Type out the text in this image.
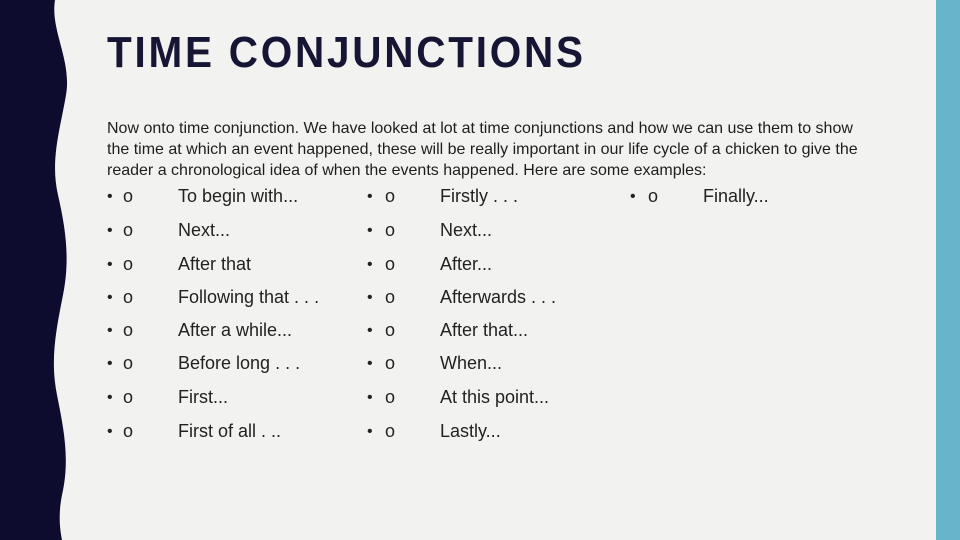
TIME CONJUNCTIONS
Now onto time conjunction. We have looked at lot at time conjunctions and how we can use them to show the time at which an event happened, these will be really important in our life cycle of a chicken to give the reader a chronological idea of when the events happened. Here are some examples:
• o To begin with...
• o Next...
• o After that
• o Following that . . .
• o After a while...
• o Before long . . .
• o First...
• o First of all . ..
• o Firstly . . .
• o Next...
• o After...
• o Afterwards . . .
• o After that...
• o When...
• o At this point...
• o Lastly...
• o Finally...
